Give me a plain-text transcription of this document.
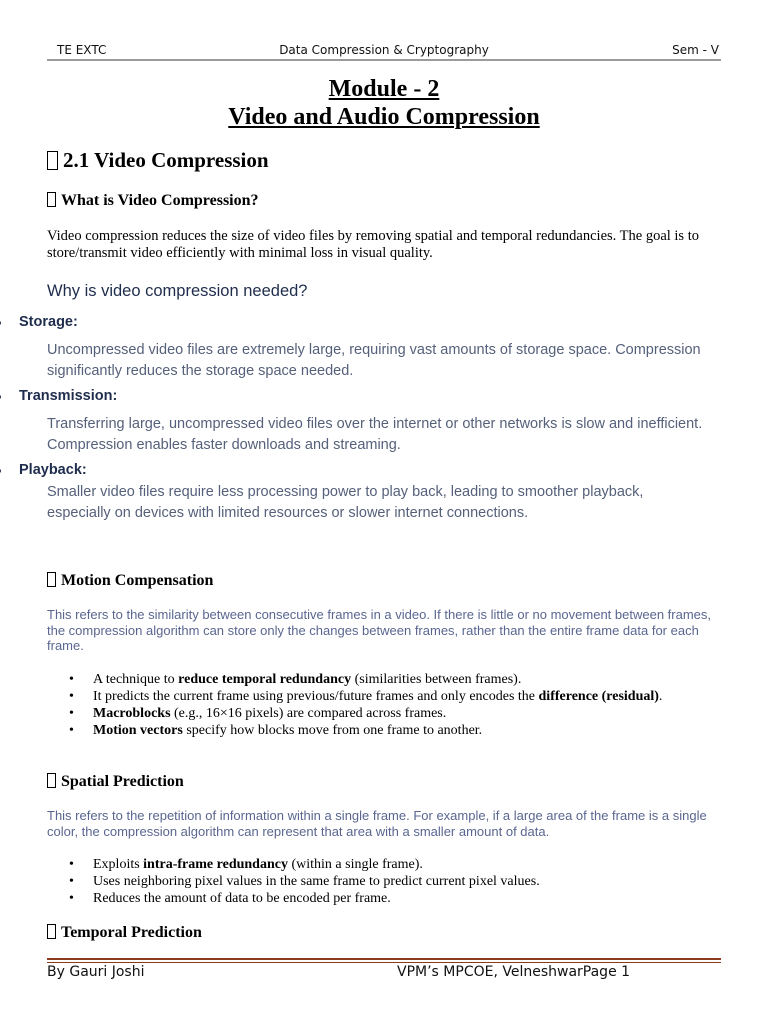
TE EXTC	Data Compression & Cryptography	Sem - V
Module - 2
Video and Audio Compression
2.1 Video Compression
What is Video Compression?
Video compression reduces the size of video files by removing spatial and temporal redundancies. The goal is to store/transmit video efficiently with minimal loss in visual quality.
Why is video compression needed?
Storage:
Uncompressed video files are extremely large, requiring vast amounts of storage space. Compression significantly reduces the storage space needed.
Transmission:
Transferring large, uncompressed video files over the internet or other networks is slow and inefficient. Compression enables faster downloads and streaming.
Playback:
Smaller video files require less processing power to play back, leading to smoother playback, especially on devices with limited resources or slower internet connections.
Motion Compensation
This refers to the similarity between consecutive frames in a video. If there is little or no movement between frames, the compression algorithm can store only the changes between frames, rather than the entire frame data for each frame.
• A technique to reduce temporal redundancy (similarities between frames).
• It predicts the current frame using previous/future frames and only encodes the difference (residual).
• Macroblocks (e.g., 16×16 pixels) are compared across frames.
• Motion vectors specify how blocks move from one frame to another.
Spatial Prediction
This refers to the repetition of information within a single frame. For example, if a large area of the frame is a single color, the compression algorithm can represent that area with a smaller amount of data.
• Exploits intra-frame redundancy (within a single frame).
• Uses neighboring pixel values in the same frame to predict current pixel values.
• Reduces the amount of data to be encoded per frame.
Temporal Prediction
By Gauri Joshi	VPM’s MPCOE, VelneshwarPage 1
